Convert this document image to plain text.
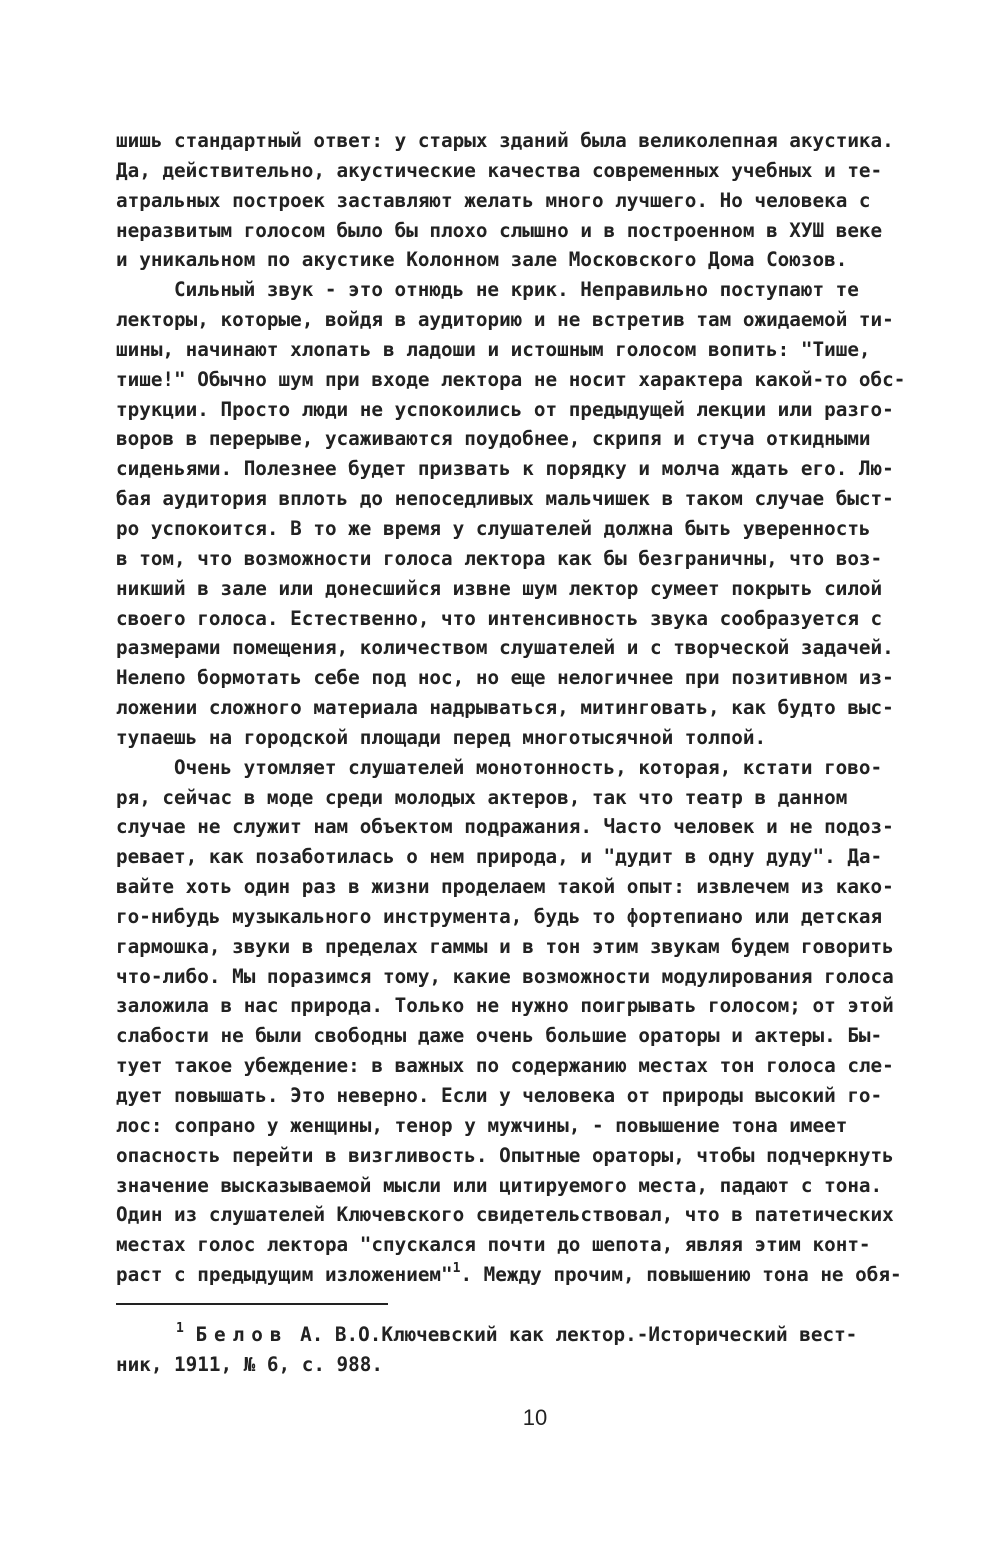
шишь стандартный ответ: у старых зданий была великолепная акустика.
Да, действительно, акустические качества современных учебных и те-
атральных построек заставляют желать много лучшего. Но человека с
неразвитым голосом было бы плохо слышно и в построенном в ХУШ веке
и уникальном по акустике Колонном зале Московского Дома Союзов.
Сильный звук - это отнюдь не крик. Неправильно поступают те
лекторы, которые, войдя в аудиторию и не встретив там ожидаемой ти-
шины, начинают хлопать в ладоши и истошным голосом вопить: "Тише,
тише!" Обычно шум при входе лектора не носит характера какой-то обс-
трукции. Просто люди не успокоились от предыдущей лекции или разго-
воров в перерыве, усаживаются поудобнее, скрипя и стуча откидными
сиденьями. Полезнее будет призвать к порядку и молча ждать его. Лю-
бая аудитория вплоть до непоседливых мальчишек в таком случае быст-
ро успокоится. В то же время у слушателей должна быть уверенность
в том, что возможности голоса лектора как бы безграничны, что воз-
никший в зале или донесшийся извне шум лектор сумеет покрыть силой
своего голоса. Естественно, что интенсивность звука сообразуется с
размерами помещения, количеством слушателей и с творческой задачей.
Нелепо бормотать себе под нос, но еще нелогичнее при позитивном из-
ложении сложного материала надрываться, митинговать, как будто выс-
тупаешь на городской площади перед многотысячной толпой.
Очень утомляет слушателей монотонность, которая, кстати гово-
ря, сейчас в моде среди молодых актеров, так что театр в данном
случае не служит нам объектом подражания. Часто человек и не подоз-
ревает, как позаботилась о нем природа, и "дудит в одну дуду". Да-
вайте хоть один раз в жизни проделаем такой опыт: извлечем из како-
го-нибудь музыкального инструмента, будь то фортепиано или детская
гармошка, звуки в пределах гаммы и в тон этим звукам будем говорить
что-либо. Мы поразимся тому, какие возможности модулирования голоса
заложила в нас природа. Только не нужно поигрывать голосом; от этой
слабости не были свободны даже очень большие ораторы и актеры. Бы-
тует такое убеждение: в важных по содержанию местах тон голоса сле-
дует повышать. Это неверно. Если у человека от природы высокий го-
лос: сопрано у женщины, тенор у мужчины, - повышение тона имеет
опасность перейти в визгливость. Опытные ораторы, чтобы подчеркнуть
значение высказываемой мысли или цитируемого места, падают с тона.
Один из слушателей Ключевского свидетельствовал, что в патетических
местах голос лектора "спускался почти до шепота, являя этим конт-
раст с предыдущим изложением"$^1$. Между прочим, повышению тона не обя-
$^1$ Белов А. В.О.Ключевский как лектор.-Исторический вест-
ник, 1911, № 6, с. 988.
10
